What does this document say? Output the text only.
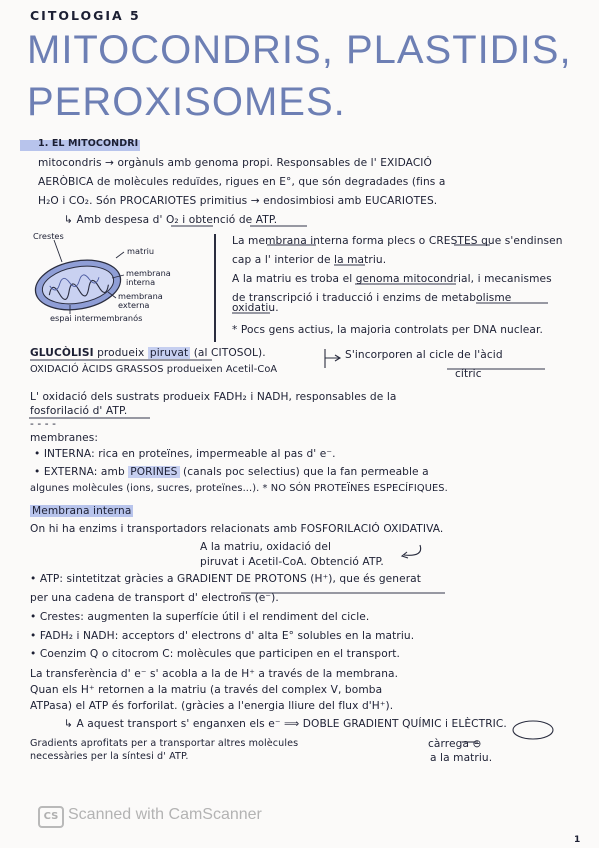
CITOLOGIA 5
MITOCONDRIS, PLASTIDIS,
PEROXISOMES.
1. EL MITOCONDRI
mitocondris → orgànuls amb genoma propi. Responsables de l' EXIDACIÓ
AERÒBICA de molècules reduïdes, rigues en E°, que són degradades (fins a
H₂O i CO₂. Són PROCARIOTES primitius → endosimbiosi amb EUCARIOTES.
↳ Amb despesa d' O₂ i obtenció de ATP.
Crestes
matriu
membrana interna
membrana externa
espai intermembranós
La membrana interna forma plecs o CRESTES que s'endinsen
cap a l' interior de la matriu.
A la matriu es troba el genoma mitocondrial, i mecanismes
de transcripció i traducció i enzims de metabolisme
oxidatiu.
* Pocs gens actius, la majoria controlats per DNA nuclear.
GLUCÒLISI produeix piruvat (al CITOSOL).
OXIDACIÓ ÀCIDS GRASSOS produeixen Acetil-CoA
S'incorporen al cicle de l'àcid
cítric
L' oxidació dels sustrats produeix FADH₂ i NADH, responsables de la
fosforilació d' ATP.
- - - -
membranes:
• INTERNA: rica en proteïnes, impermeable al pas d' e⁻.
• EXTERNA: amb PORINES (canals poc selectius) que la fan permeable a
algunes molècules (ions, sucres, proteïnes...). * NO SÓN PROTEÏNES ESPECÍFIQUES.
Membrana interna
On hi ha enzims i transportadors relacionats amb FOSFORILACIÓ OXIDATIVA.
A la matriu, oxidació del
piruvat i Acetil-CoA. Obtenció ATP.
• ATP: sintetitzat gràcies a GRADIENT DE PROTONS (H⁺), que és generat
per una cadena de transport d' electrons (e⁻).
• Crestes: augmenten la superfície útil i el rendiment del cicle.
• FADH₂ i NADH: acceptors d' electrons d' alta E° solubles en la matriu.
• Coenzim Q o citocrom C: molècules que participen en el transport.
La transferència d' e⁻ s' acobla a la de H⁺ a través de la membrana.
Quan els H⁺ retornen a la matriu (a través del complex V, bomba
ATPasa) el ATP és forforilat. (gràcies a l'energia lliure del flux d'H⁺).
↳ A aquest transport s' enganxen els e⁻ ⟹ DOBLE GRADIENT QUÍMIC i ELÈCTRIC.
Gradients aprofitats per a transportar altres molècules
necessàries per la síntesi d' ATP.
càrrega ⊖
a la matriu.
CS Scanned with CamScanner
1
